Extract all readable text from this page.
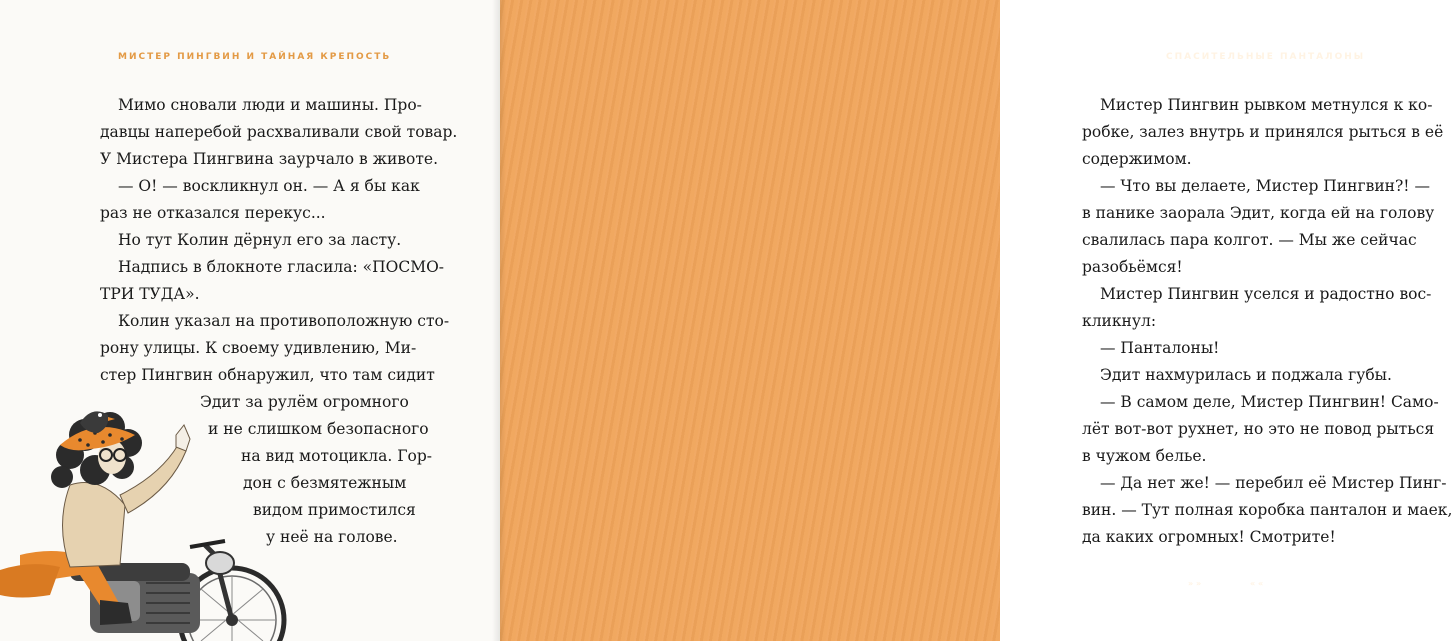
МИСТЕР ПИНГВИН И ТАЙНАЯ КРЕПОСТЬ
Мимо сновали люди и машины. Про-
давцы наперебой расхваливали свой товар.
У Мистера Пингвина заурчало в животе.
— О! — воскликнул он. — А я бы как
раз не отказался перекус...
Но тут Колин дёрнул его за ласту.
Надпись в блокноте гласила: «ПОСМО-
ТРИ ТУДА».
Колин указал на противоположную сто-
рону улицы. К своему удивлению, Ми-
стер Пингвин обнаружил, что там сидит
Эдит за рулём огромного
и не слишком безопасного
на вид мотоцикла. Гор-
дон с безмятежным
видом примостился
у неё на голове.
СПАСИТЕЛЬНЫЕ ПАНТАЛОНЫ
Мистер Пингвин рывком метнулся к ко-
робке, залез внутрь и принялся рыться в её
содержимом.
— Что вы делаете, Мистер Пингвин?! —
в панике заорала Эдит, когда ей на голову
свалилась пара колгот. — Мы же сейчас
разобьёмся!
Мистер Пингвин уселся и радостно вос-
кликнул:
— Панталоны!
Эдит нахмурилась и поджала губы.
— В самом деле, Мистер Пингвин! Само-
лёт вот-вот рухнет, но это не повод рыться
в чужом белье.
— Да нет же! — перебил её Мистер Пинг-
вин. — Тут полная коробка панталон и маек,
да каких огромных! Смотрите!
» » 59 « «
